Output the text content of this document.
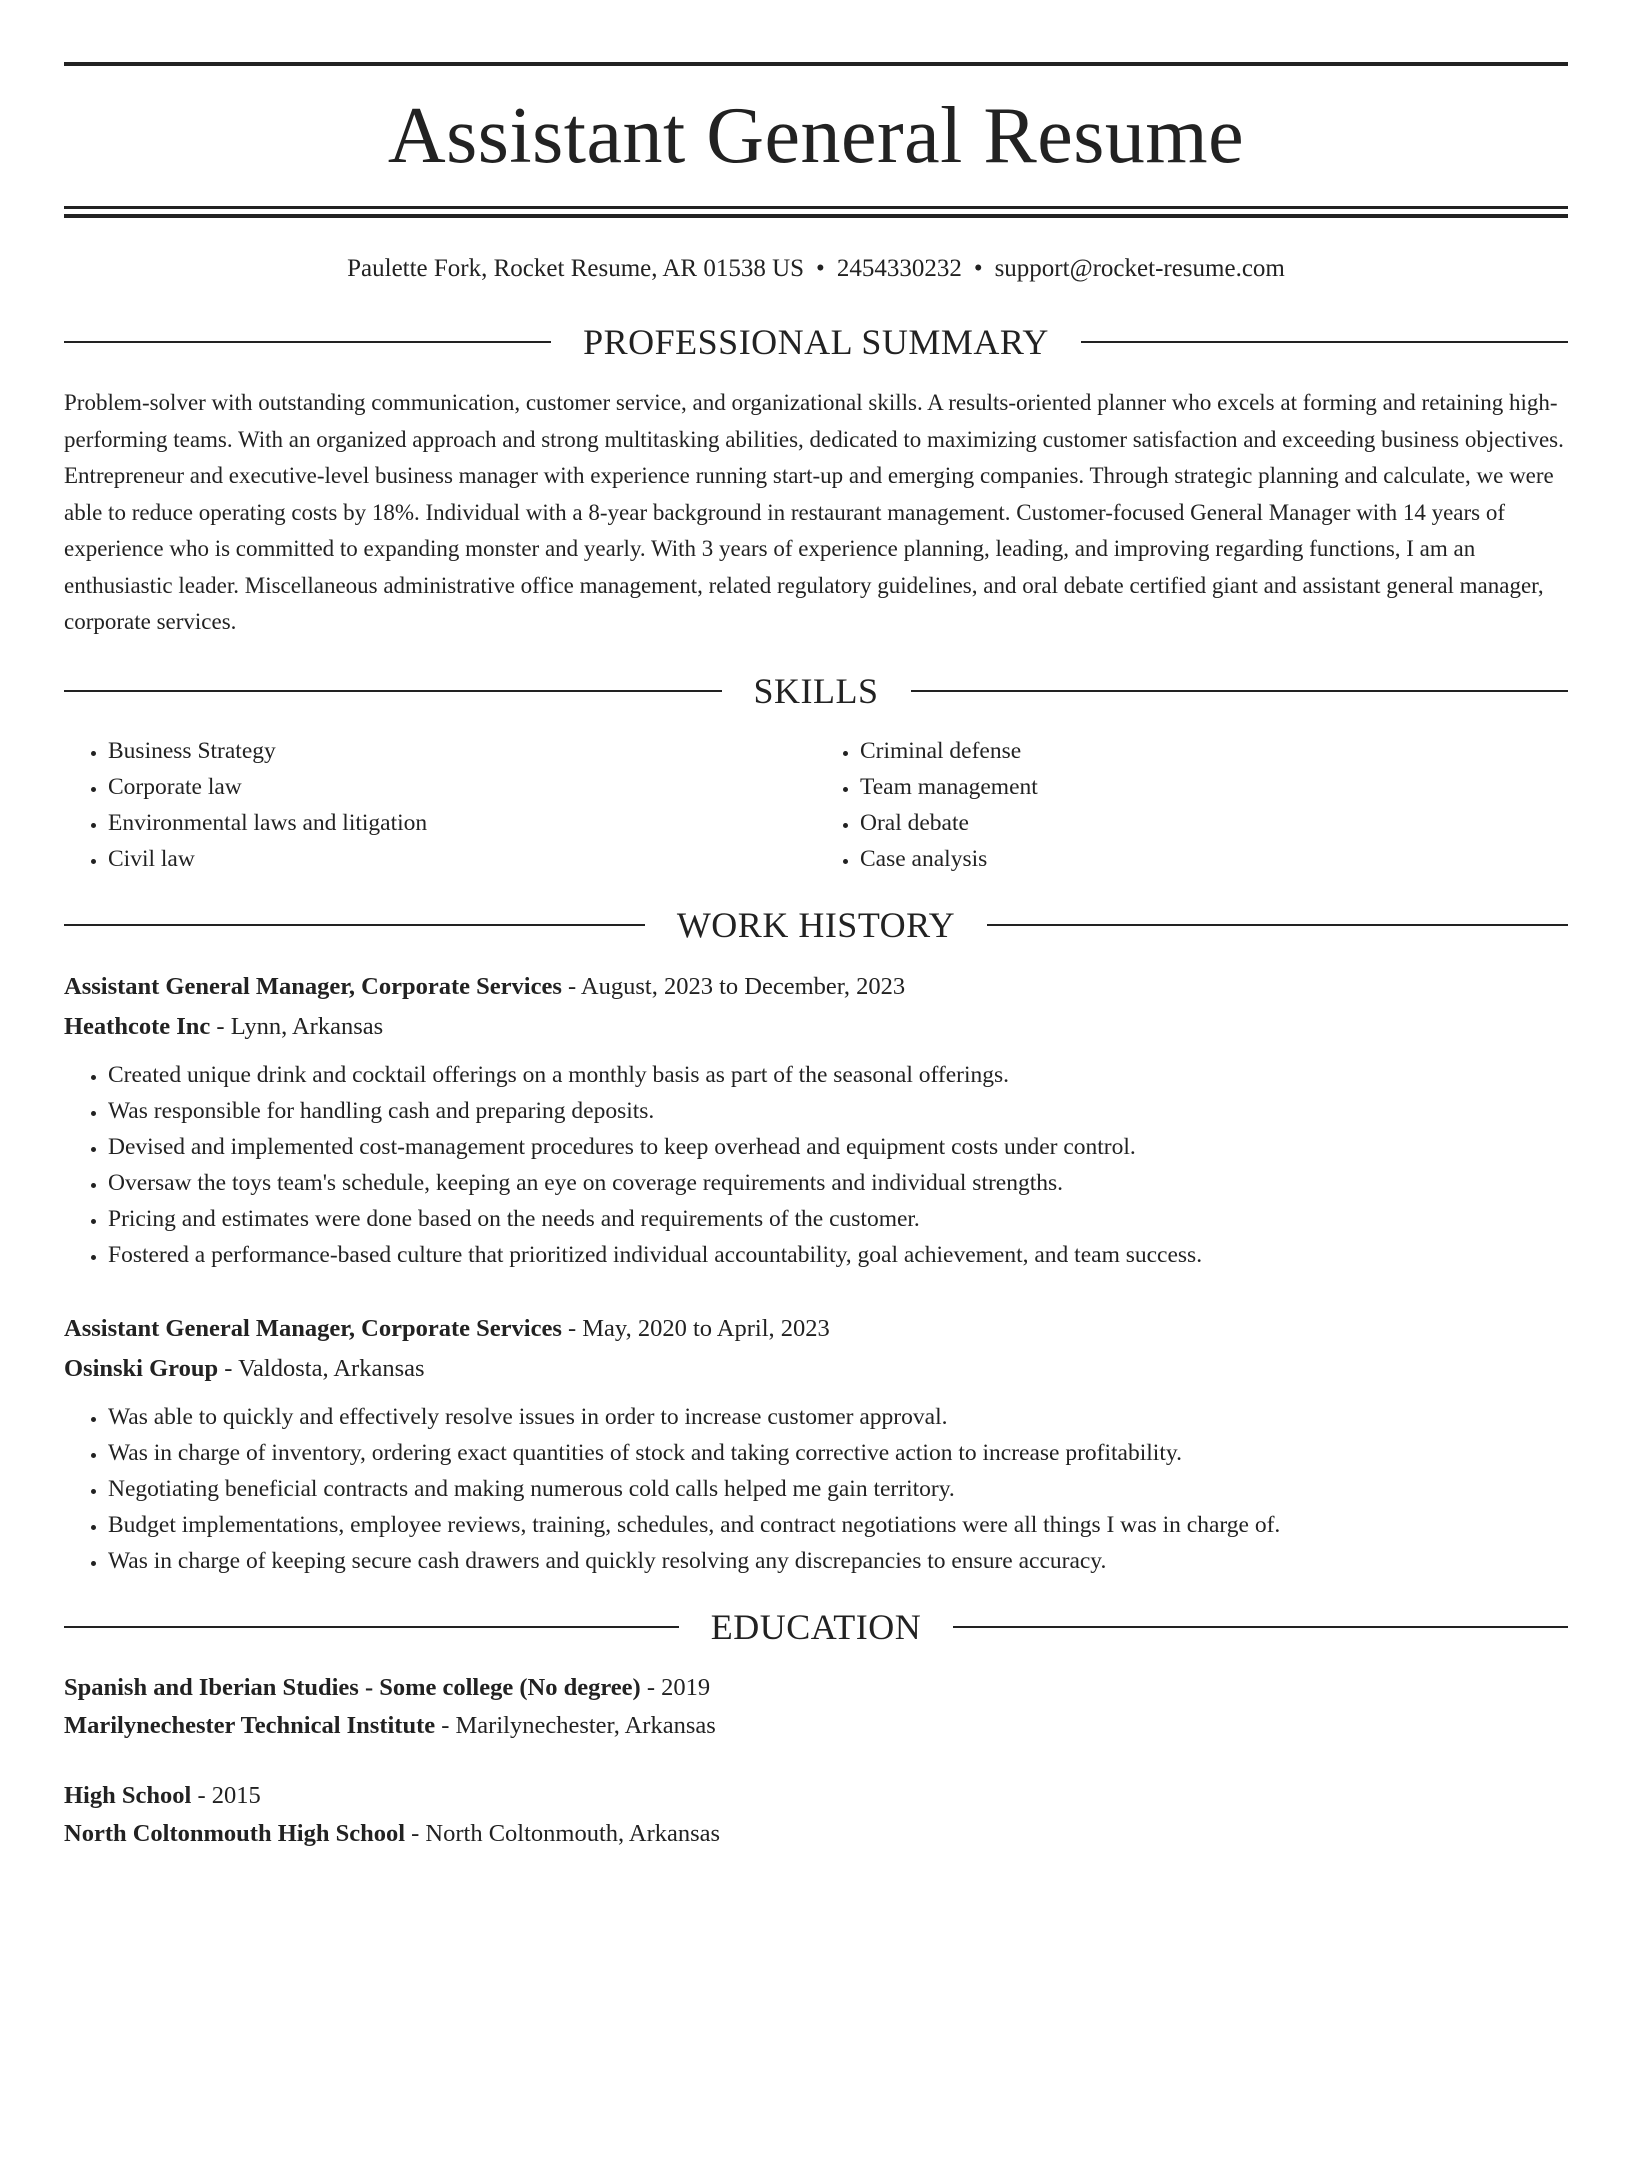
Assistant General Resume
Paulette Fork, Rocket Resume, AR 01538 US • 2454330232 • support@rocket-resume.com
PROFESSIONAL SUMMARY

Problem-solver with outstanding communication, customer service, and organizational skills. A results-oriented planner who excels at forming and retaining high-performing teams. With an organized approach and strong multitasking abilities, dedicated to maximizing customer satisfaction and exceeding business objectives. Entrepreneur and executive-level business manager with experience running start-up and emerging companies. Through strategic planning and calculate, we were able to reduce operating costs by 18%. Individual with a 8-year background in restaurant management. Customer-focused General Manager with 14 years of experience who is committed to expanding monster and yearly. With 3 years of experience planning, leading, and improving regarding functions, I am an enthusiastic leader. Miscellaneous administrative office management, related regulatory guidelines, and oral debate certified giant and assistant general manager, corporate services.

SKILLS
• Business Strategy
• Corporate law
• Environmental laws and litigation
• Civil law
• Criminal defense
• Team management
• Oral debate
• Case analysis
WORK HISTORY
Assistant General Manager, Corporate Services - August, 2023 to December, 2023
Heathcote Inc - Lynn, Arkansas
• Created unique drink and cocktail offerings on a monthly basis as part of the seasonal offerings.
• Was responsible for handling cash and preparing deposits.
• Devised and implemented cost-management procedures to keep overhead and equipment costs under control.
• Oversaw the toys team's schedule, keeping an eye on coverage requirements and individual strengths.
• Pricing and estimates were done based on the needs and requirements of the customer.
• Fostered a performance-based culture that prioritized individual accountability, goal achievement, and team success.
Assistant General Manager, Corporate Services - May, 2020 to April, 2023
Osinski Group - Valdosta, Arkansas
• Was able to quickly and effectively resolve issues in order to increase customer approval.
• Was in charge of inventory, ordering exact quantities of stock and taking corrective action to increase profitability.
• Negotiating beneficial contracts and making numerous cold calls helped me gain territory.
• Budget implementations, employee reviews, training, schedules, and contract negotiations were all things I was in charge of.
• Was in charge of keeping secure cash drawers and quickly resolving any discrepancies to ensure accuracy.
EDUCATION
Spanish and Iberian Studies - Some college (No degree) - 2019
Marilynechester Technical Institute - Marilynechester, Arkansas
High School - 2015
North Coltonmouth High School - North Coltonmouth, Arkansas
